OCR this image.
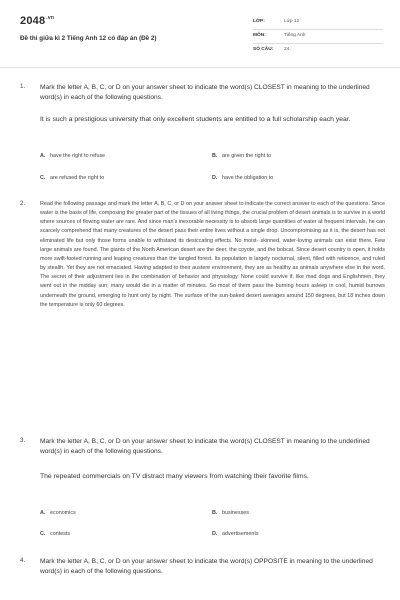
$2048^{.vn}$
Đề thi giữa kì 2 Tiếng Anh 12 có đáp án (Đề 2)
LỚP:	Lớp 12
MÔN:	Tiếng Anh
SỐ CÂU: 24
1. Mark the letter A, B, C, or D on your answer sheet to indicate the word(s) CLOSEST in meaning to the underlined word(s) in each of the following questions.
It is such a prestigious university that only excellent students are entitled to a full scholarship each year.
A. have the right to refuse	B. are given the right to
C. are refused the right to	D. have the obligation to
2.	Read the following passage and mark the letter A, B, C, or D on your answer sheet to indicate the correct answer to each of the questions. Since water is the basis of life, composing the greater part of the tissues of all living things, the crucial problem of desert animals is to survive in a world where sources of flowing water are rare. And since man's inexorable necessity is to absorb large quantities of water at frequent intervals, he can scarcely comprehend that many creatures of the desert pass their entire lives without a single drop. Uncompromising as it is, the desert has not eliminated life but only those forms unable to withstand its desiccating effects. No moist- skinned, water-loving animals can exist there. Few large animals are found. The giants of the North American desert are the deer, the coyote, and the bobcat. Since desert country is open, it holds more swift-footed running and leaping creatures than the tangled forest. Its population is largely nocturnal, silent, filled with reticence, and ruled by stealth. Yet they are not emaciated. Having adapted to their austere environment, they are as healthy as animals anywhere else in the word. The secret of their adjustment lies in the combination of behavior and physiology. None could survive if, like mad dogs and Englishmen, they went out in the midday sun; many would die in a matter of minutes. So most of them pass the burning hours asleep in cool, humid burrows underneath the ground, emerging to hunt only by night. The surface of the sun-baked desert averages around 150 degrees, but 18 inches down the temperature is only 60 degrees.
3. Mark the letter A, B, C, or D on your answer sheet to indicate the word(s) CLOSEST in meaning to the underlined word(s) in each of the following questions.
The repeated commercials on TV distract many viewers from watching their favorite films.
A. economics	B. businesses
C. contests	D. advertisements
4. Mark the letter A, B, C, or D on your answer sheet to indicate the word(s) OPPOSITE in meaning to the underlined word(s) in each of the following questions.
